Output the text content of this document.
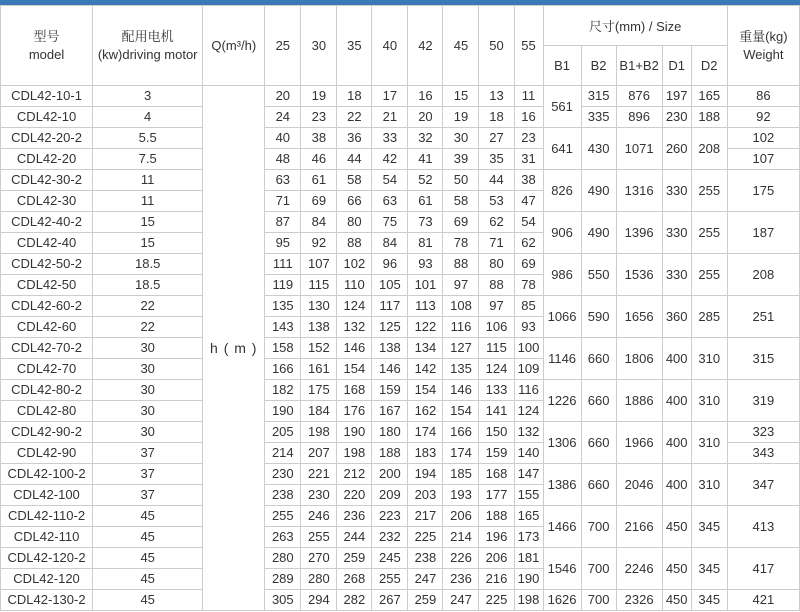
型号
model	配用电机
(kw)driving motor	Q(m³/h)	25	30	35	40	42	45	50	55	尺寸(mm) / Size					重量(kg)
Weight
											B1	B2	B1+B2	D1	D2	
CDL42-10-1	3	h ( m )	20	19	18	17	16	15	13	11	561	315	876	197	165	86
CDL42-10	4		24	23	22	21	20	19	18	16		335	896	230	188	92
CDL42-20-2	5.5		40	38	36	33	32	30	27	23	641	430	1071	260	208	102
CDL42-20	7.5		48	46	44	42	41	39	35	31						107
CDL42-30-2	11		63	61	58	54	52	50	44	38	826	490	1316	330	255	175
CDL42-30	11		71	69	66	63	61	58	53	47						
CDL42-40-2	15		87	84	80	75	73	69	62	54	906	490	1396	330	255	187
CDL42-40	15		95	92	88	84	81	78	71	62						
CDL42-50-2	18.5		111	107	102	96	93	88	80	69	986	550	1536	330	255	208
CDL42-50	18.5		119	115	110	105	101	97	88	78						
CDL42-60-2	22		135	130	124	117	113	108	97	85	1066	590	1656	360	285	251
CDL42-60	22		143	138	132	125	122	116	106	93						
CDL42-70-2	30		158	152	146	138	134	127	115	100	1146	660	1806	400	310	315
CDL42-70	30		166	161	154	146	142	135	124	109						
CDL42-80-2	30		182	175	168	159	154	146	133	116	1226	660	1886	400	310	319
CDL42-80	30		190	184	176	167	162	154	141	124						
CDL42-90-2	30		205	198	190	180	174	166	150	132	1306	660	1966	400	310	323
CDL42-90	37		214	207	198	188	183	174	159	140						343
CDL42-100-2	37		230	221	212	200	194	185	168	147	1386	660	2046	400	310	347
CDL42-100	37		238	230	220	209	203	193	177	155						
CDL42-110-2	45		255	246	236	223	217	206	188	165	1466	700	2166	450	345	413
CDL42-110	45		263	255	244	232	225	214	196	173						
CDL42-120-2	45		280	270	259	245	238	226	206	181	1546	700	2246	450	345	417
CDL42-120	45		289	280	268	255	247	236	216	190						
CDL42-130-2	45		305	294	282	267	259	247	225	198	1626	700	2326	450	345	421
